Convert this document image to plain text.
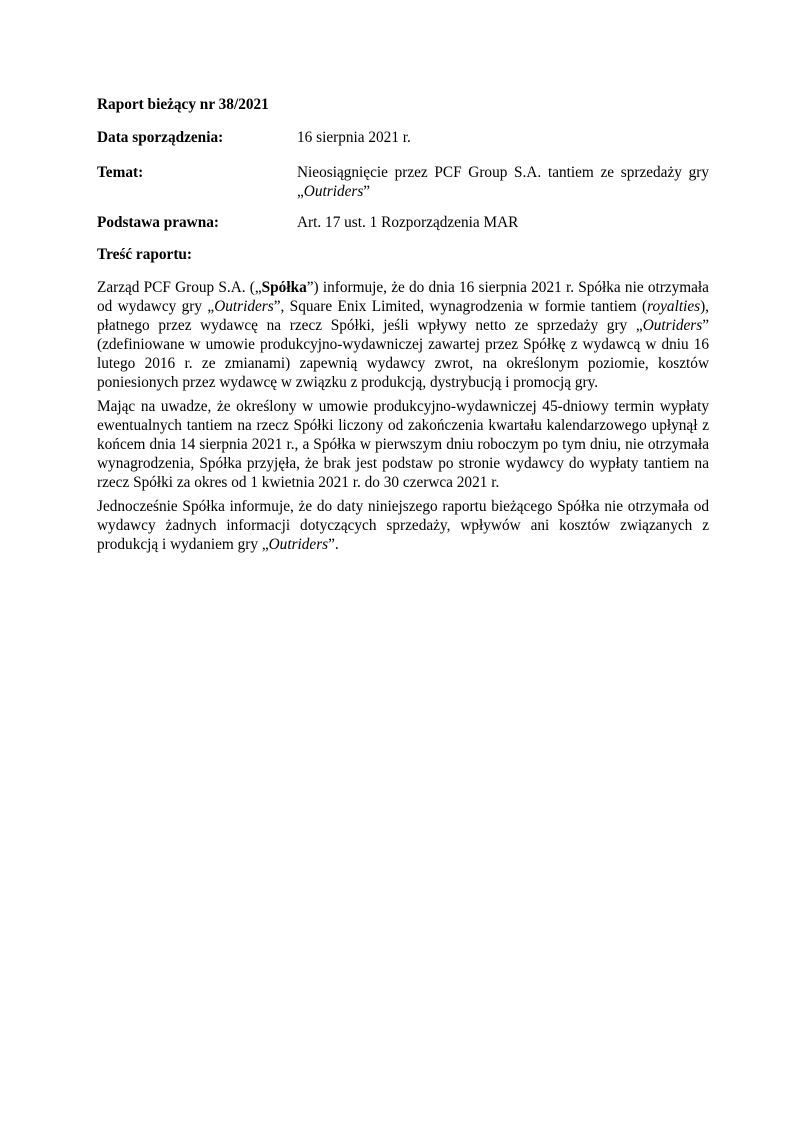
Raport bieżący nr 38/2021
Data sporządzenia:	16 sierpnia 2021 r.
Temat:	Nieosiągnięcie przez PCF Group S.A. tantiem ze sprzedaży gry „Outriders”
Podstawa prawna:	Art. 17 ust. 1 Rozporządzenia MAR
Treść raportu:

Zarząd PCF Group S.A. („Spółka”) informuje, że do dnia 16 sierpnia 2021 r. Spółka nie otrzymała od wydawcy gry „Outriders”, Square Enix Limited, wynagrodzenia w formie tantiem (royalties), płatnego przez wydawcę na rzecz Spółki, jeśli wpływy netto ze sprzedaży gry „Outriders” (zdefiniowane w umowie produkcyjno-wydawniczej zawartej przez Spółkę z wydawcą w dniu 16 lutego 2016 r. ze zmianami) zapewnią wydawcy zwrot, na określonym poziomie, kosztów poniesionych przez wydawcę w związku z produkcją, dystrybucją i promocją gry.

Mając na uwadze, że określony w umowie produkcyjno-wydawniczej 45-dniowy termin wypłaty ewentualnych tantiem na rzecz Spółki liczony od zakończenia kwartału kalendarzowego upłynął z końcem dnia 14 sierpnia 2021 r., a Spółka w pierwszym dniu roboczym po tym dniu, nie otrzymała wynagrodzenia, Spółka przyjęła, że brak jest podstaw po stronie wydawcy do wypłaty tantiem na rzecz Spółki za okres od 1 kwietnia 2021 r. do 30 czerwca 2021 r.

Jednocześnie Spółka informuje, że do daty niniejszego raportu bieżącego Spółka nie otrzymała od wydawcy żadnych informacji dotyczących sprzedaży, wpływów ani kosztów związanych z produkcją i wydaniem gry „Outriders”.
